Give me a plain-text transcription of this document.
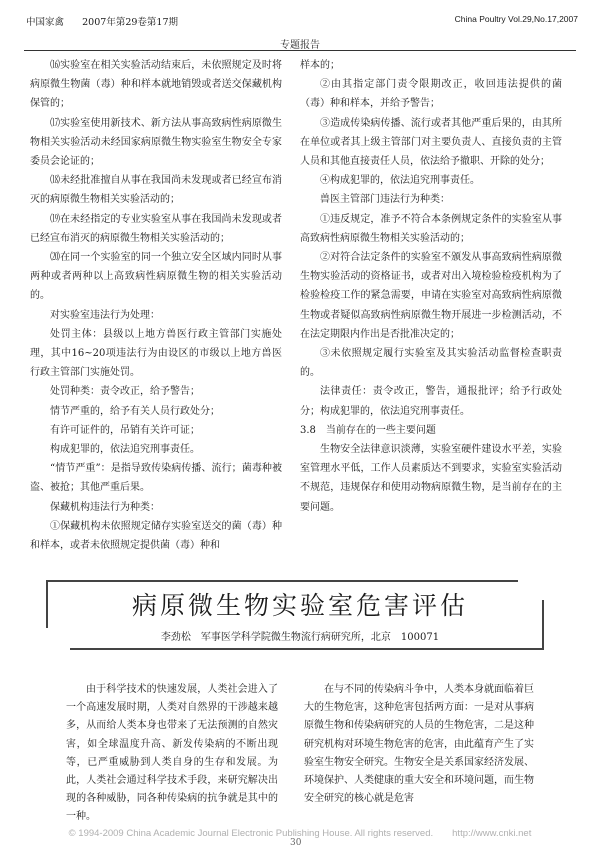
中国家禽 2007年第29卷第17期	China Poultry Vol.29,No.17,2007
专题报告

⒃实验室在相关实验活动结束后，未依照规定及时将病原微生物菌（毒）种和样本就地销毁或者送交保藏机构保管的；

⒄实验室使用新技术、新方法从事高致病性病原微生物相关实验活动未经国家病原微生物实验室生物安全专家委员会论证的；

⒅未经批准擅自从事在我国尚未发现或者已经宣布消灭的病原微生物相关实验活动的；

⒆在未经指定的专业实验室从事在我国尚未发现或者已经宣布消灭的病原微生物相关实验活动的；

⒇在同一个实验室的同一个独立安全区域内同时从事两种或者两种以上高致病性病原微生物的相关实验活动的。

对实验室违法行为处理：

处罚主体：县级以上地方兽医行政主管部门实施处理，其中16~20项违法行为由设区的市级以上地方兽医行政主管部门实施处罚。

处罚种类：责令改正，给予警告；

情节严重的，给予有关人员行政处分；

有许可证件的，吊销有关许可证；

构成犯罪的，依法追究刑事责任。

“情节严重”：是指导致传染病传播、流行；菌毒种被盗、被抢；其他严重后果。

保藏机构违法行为种类：

①保藏机构未依照规定储存实验室送交的菌（毒）种和样本，或者未依照规定提供菌（毒）种和

样本的；

②由其指定部门责令限期改正，收回违法提供的菌（毒）种和样本，并给予警告；

③造成传染病传播、流行或者其他严重后果的，由其所在单位或者其上级主管部门对主要负责人、直接负责的主管人员和其他直接责任人员，依法给予撤职、开除的处分；

④构成犯罪的，依法追究刑事责任。

兽医主管部门违法行为种类：

①违反规定，准予不符合本条例规定条件的实验室从事高致病性病原微生物相关实验活动的；

②对符合法定条件的实验室不颁发从事高致病性病原微生物实验活动的资格证书，或者对出入境检验检疫机构为了检验检疫工作的紧急需要，申请在实验室对高致病性病原微生物或者疑似高致病性病原微生物开展进一步检测活动，不在法定期限内作出是否批准决定的；

③未依照规定履行实验室及其实验活动监督检查职责的。

法律责任：责令改正，警告，通报批评；给予行政处分；构成犯罪的，依法追究刑事责任。

3.8　当前存在的一些主要问题

生物安全法律意识淡薄，实验室硬件建设水平差，实验室管理水平低，工作人员素质达不到要求，实验室实验活动不规范，违规保存和使用动物病原微生物，是当前存在的主要问题。

病原微生物实验室危害评估
李劲松　军事医学科学院微生物流行病研究所，北京　100071

由于科学技术的快速发展，人类社会进入了一个高速发展时期，人类对自然界的干涉越来越多，从而给人类本身也带来了无法预测的自然灾害，如全球温度升高、新发传染病的不断出现等，已严重威胁到人类自身的生存和发展。为此，人类社会通过科学技术手段，来研究解决出现的各种威胁，同各种传染病的抗争就是其中的一种。

在与不同的传染病斗争中，人类本身就面临着巨大的生物危害，这种危害包括两方面：一是对从事病原微生物和传染病研究的人员的生物危害，二是这种研究机构对环境生物危害的危害，由此蕴育产生了实验室生物安全研究。生物安全是关系国家经济发展、环境保护、人类健康的重大安全和环境问题，而生物安全研究的核心就是危害

© 1994-2009 China Academic Journal Electronic Publishing House. All rights reserved.　　http://www.cnki.net
30
